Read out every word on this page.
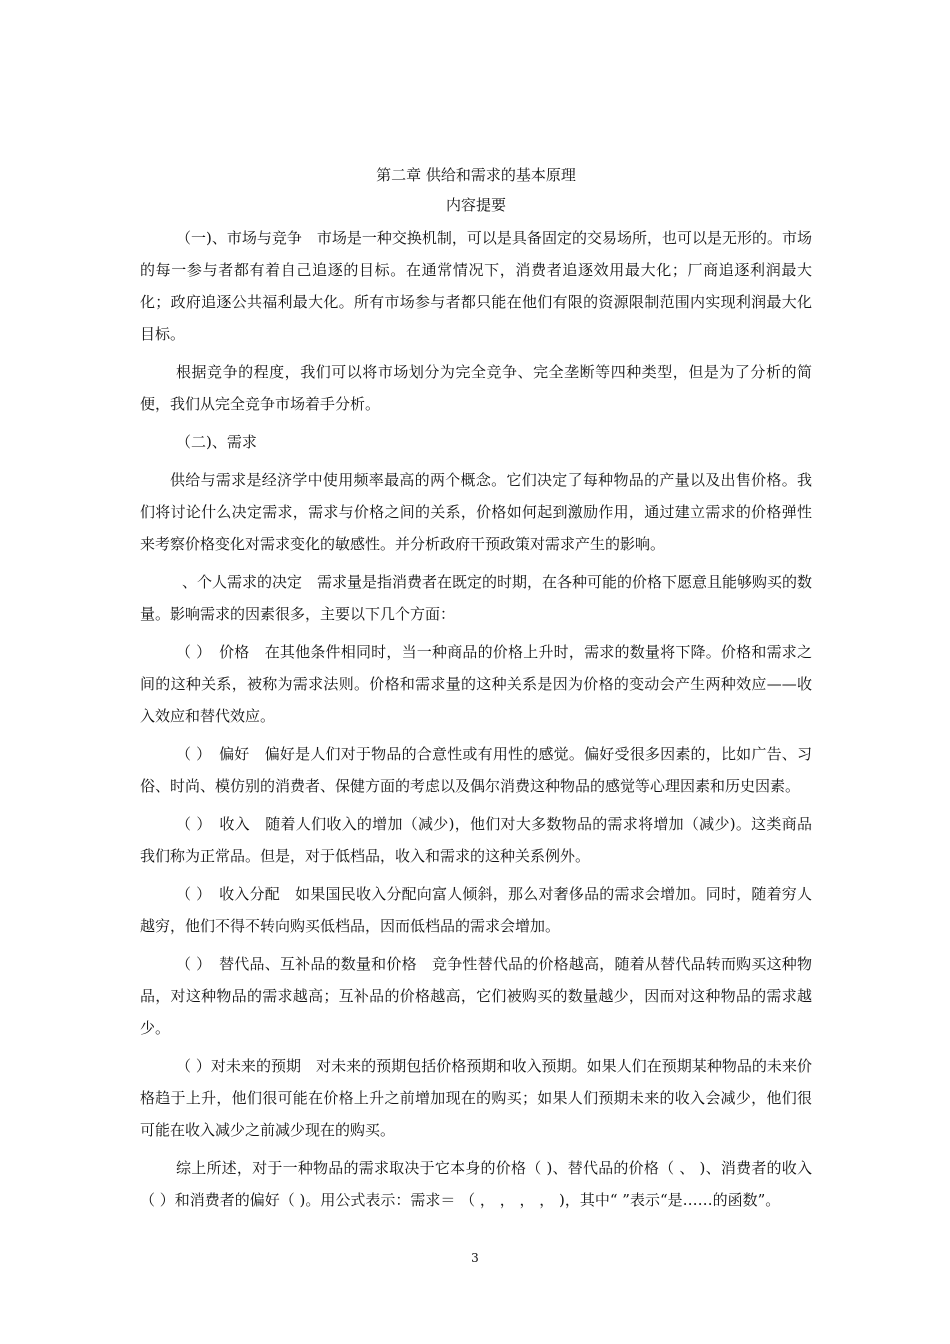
第二章 供给和需求的基本原理
内容提要

（一)、市场与竞争　市场是一种交换机制，可以是具备固定的交易场所，也可以是无形的。市场的每一参与者都有着自己追逐的目标。在通常情况下，消费者追逐效用最大化；厂商追逐利润最大化；政府追逐公共福利最大化。所有市场参与者都只能在他们有限的资源限制范围内实现利润最大化目标。

根据竞争的程度，我们可以将市场划分为完全竞争、完全垄断等四种类型，但是为了分析的简便，我们从完全竞争市场着手分析。

（二)、需求

供给与需求是经济学中使用频率最高的两个概念。它们决定了每种物品的产量以及出售价格。我们将讨论什么决定需求，需求与价格之间的关系，价格如何起到激励作用，通过建立需求的价格弹性来考察价格变化对需求变化的敏感性。并分析政府干预政策对需求产生的影响。

、个人需求的决定　需求量是指消费者在既定的时期，在各种可能的价格下愿意且能够购买的数量。影响需求的因素很多，主要以下几个方面：

（ ）　价格　在其他条件相同时，当一种商品的价格上升时，需求的数量将下降。价格和需求之间的这种关系，被称为需求法则。价格和需求量的这种关系是因为价格的变动会产生两种效应——收入效应和替代效应。

（ ）　偏好　偏好是人们对于物品的合意性或有用性的感觉。偏好受很多因素的，比如广告、习俗、时尚、模仿别的消费者、保健方面的考虑以及偶尔消费这种物品的感觉等心理因素和历史因素。

（ ）　收入　随着人们收入的增加（减少)，他们对大多数物品的需求将增加（减少)。这类商品我们称为正常品。但是，对于低档品，收入和需求的这种关系例外。

（ ）　收入分配　如果国民收入分配向富人倾斜，那么对奢侈品的需求会增加。同时，随着穷人越穷，他们不得不转向购买低档品，因而低档品的需求会增加。

（ ）　替代品、互补品的数量和价格　竞争性替代品的价格越高，随着从替代品转而购买这种物品，对这种物品的需求越高；互补品的价格越高，它们被购买的数量越少，因而对这种物品的需求越少。

（ ）对未来的预期　对未来的预期包括价格预期和收入预期。如果人们在预期某种物品的未来价格趋于上升，他们很可能在价格上升之前增加现在的购买；如果人们预期未来的收入会减少，他们很可能在收入减少之前减少现在的购买。

综上所述，对于一种物品的需求取决于它本身的价格（ )、替代品的价格（ 、 )、消费者的收入（ ）和消费者的偏好（ )。用公式表示：需求＝ （ ， ， ， ， )，其中“ ”表示“是……的函数”。

3
